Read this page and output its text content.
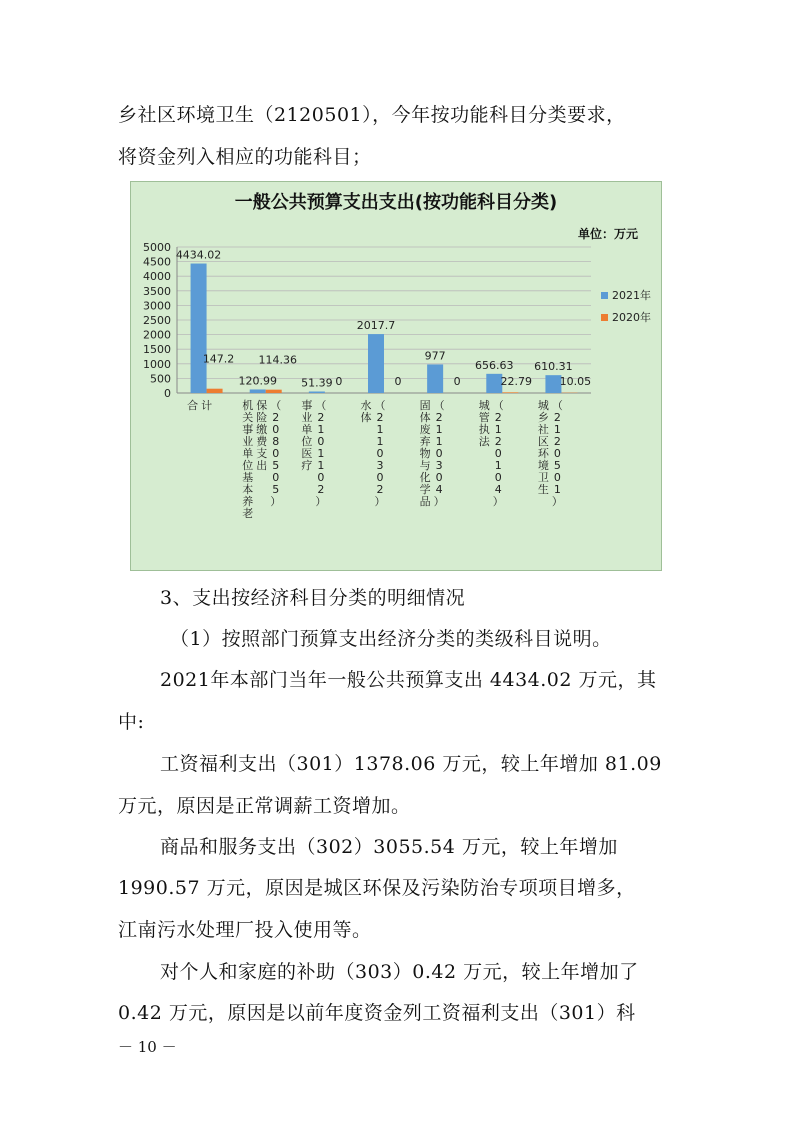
乡社区环境卫生（2120501），今年按功能科目分类要求，
将资金列入相应的功能科目；
一般公共预算支出支出(按功能科目分类)
单位：万元
0
500
1000
1500
2000
2500
3000
3500
4000
4500
5000
4434.02
120.99 51.39
2017.7
977
656.63 610.31
147.2 114.36
0	0	0	22.79	10.05
合 计	机
关
事
业
单
位
基
本
养
老
保
险
缴
费
支
出
（
2
0
8
0
5
0
5
）
事
业
单
位
医
疗
（
2
1
0
1
1
0
2
）
水
体
（
2
1
1
0
3
0
2
）
固
体
废
弃
物
与
化
学
品
（
2
1
1
0
3
0
4
）
城
管
执
法
（
2
1
2
0
1
0
4
）
城
乡
社
区
环
境
卫
生
（
2
1
2
0
5
0
1
）
2021年
2020年
3、支出按经济科目分类的明细情况
（1）按照部门预算支出经济分类的类级科目说明。
2021年本部门当年一般公共预算支出 4434.02 万元，其
中:
工资福利支出（301）1378.06 万元，较上年增加 81.09
万元，原因是正常调薪工资增加。
商品和服务支出（302）3055.54 万元，较上年增加
1990.57 万元，原因是城区环保及污染防治专项项目增多，
江南污水处理厂投入使用等。
对个人和家庭的补助（303）0.42 万元，较上年增加了
0.42 万元，原因是以前年度资金列工资福利支出（301）科
－ 10 －
